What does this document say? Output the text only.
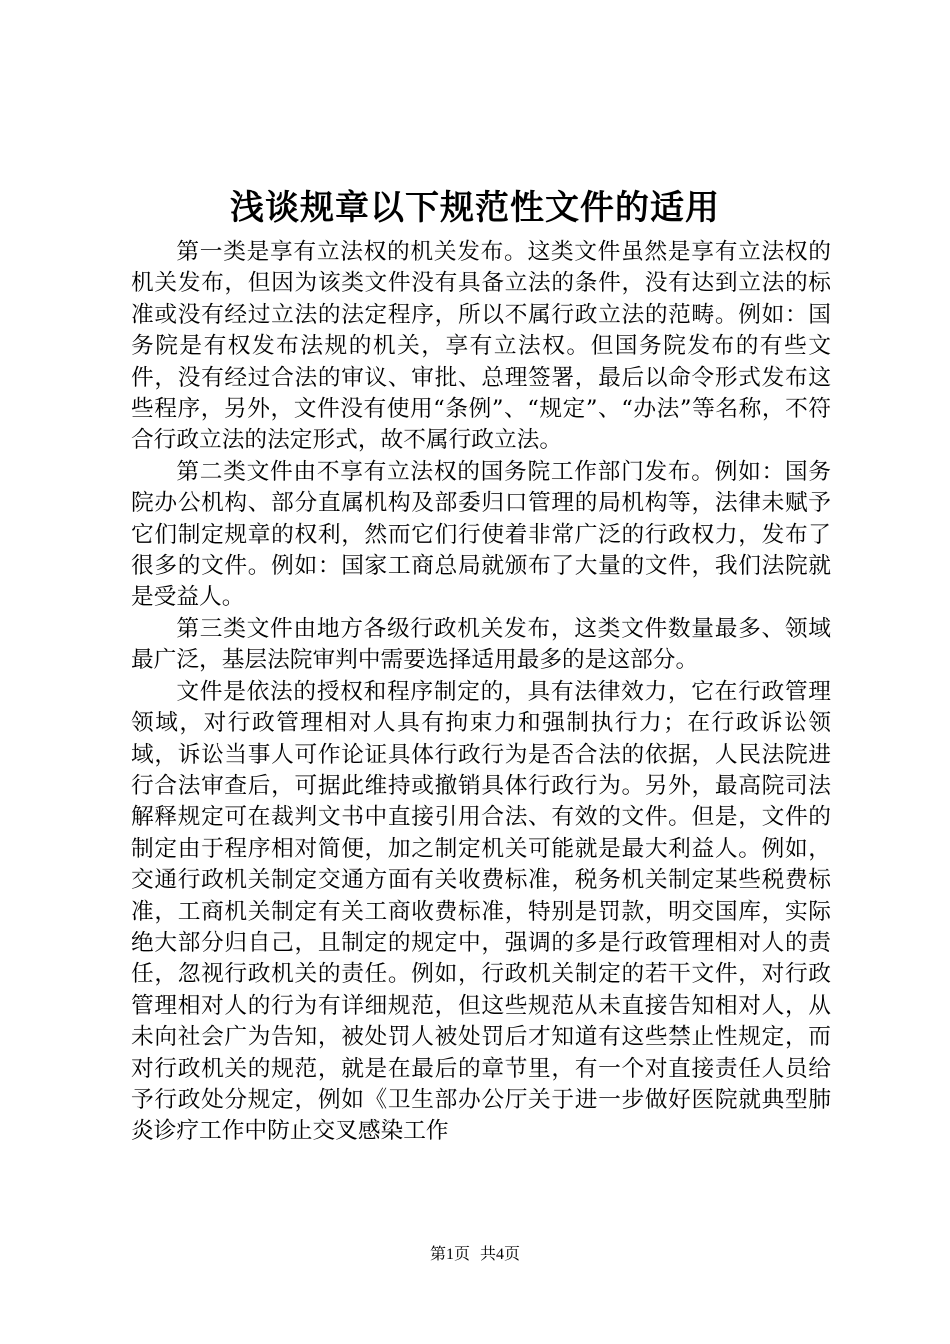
浅谈规章以下规范性文件的适用

第一类是享有立法权的机关发布。这类文件虽然是享有立法权的机关发布，但因为该类文件没有具备立法的条件，没有达到立法的标准或没有经过立法的法定程序，所以不属行政立法的范畴。例如：国务院是有权发布法规的机关，享有立法权。但国务院发布的有些文件，没有经过合法的审议、审批、总理签署，最后以命令形式发布这些程序，另外，文件没有使用“条例”、“规定”、“办法”等名称，不符合行政立法的法定形式，故不属行政立法。

第二类文件由不享有立法权的国务院工作部门发布。例如：国务院办公机构、部分直属机构及部委归口管理的局机构等，法律未赋予它们制定规章的权利，然而它们行使着非常广泛的行政权力，发布了很多的文件。例如：国家工商总局就颁布了大量的文件，我们法院就是受益人。

第三类文件由地方各级行政机关发布，这类文件数量最多、领域最广泛，基层法院审判中需要选择适用最多的是这部分。

文件是依法的授权和程序制定的，具有法律效力，它在行政管理领域，对行政管理相对人具有拘束力和强制执行力；在行政诉讼领域，诉讼当事人可作论证具体行政行为是否合法的依据，人民法院进行合法审查后，可据此维持或撤销具体行政行为。另外，最高院司法解释规定可在裁判文书中直接引用合法、有效的文件。但是，文件的制定由于程序相对简便，加之制定机关可能就是最大利益人。例如，交通行政机关制定交通方面有关收费标准，税务机关制定某些税费标准，工商机关制定有关工商收费标准，特别是罚款，明交国库，实际绝大部分归自己，且制定的规定中，强调的多是行政管理相对人的责任，忽视行政机关的责任。例如，行政机关制定的若干文件，对行政管理相对人的行为有详细规范，但这些规范从未直接告知相对人，从未向社会广为告知，被处罚人被处罚后才知道有这些禁止性规定，而对行政机关的规范，就是在最后的章节里，有一个对直接责任人员给予行政处分规定，例如《卫生部办公厅关于进一步做好医院就典型肺炎诊疗工作中防止交叉感染工作

第1页 共4页
